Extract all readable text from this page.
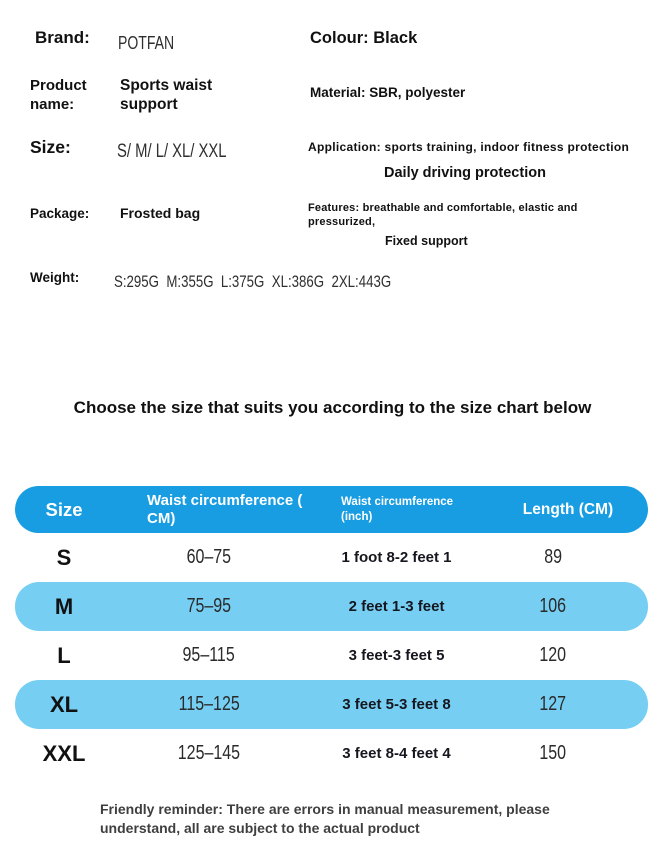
Brand: POTFAN	Colour: Black
Product name:
Sports waist support
Material: SBR, polyester
Size: S/ M/ L/ XL/ XXL	Application: sports training, indoor fitness protection
Daily driving protection
Package: Frosted bag	Features: breathable and comfortable, elastic and pressurized,
Fixed support
Weight: S:295G  M:355G  L:375G  XL:386G  2XL:443G
Choose the size that suits you according to the size chart below
Size	Waist circumference (
CM)
Waist circumference
(inch)	Length (CM)
S	60–75	1 foot 8-2 feet 1	89
M	75–95	2 feet 1-3 feet	106
L	95–115	3 feet-3 feet 5	120
XL	115–125	3 feet 5-3 feet 8	127
XXL	125–145	3 feet 8-4 feet 4	150
Friendly reminder: There are errors in manual measurement, please
understand, all are subject to the actual product
